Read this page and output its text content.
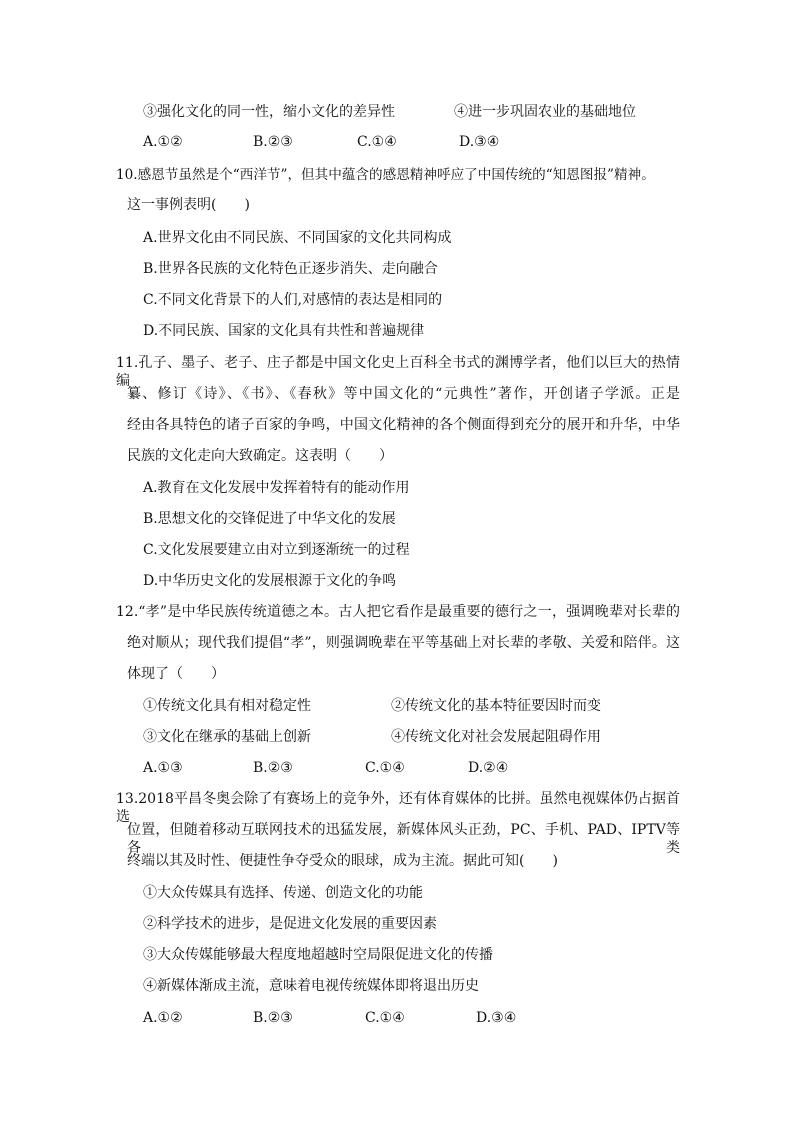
③强化文化的同一性，缩小文化的差异性	④进一步巩固农业的基础地位
A.①②	B.②③	C.①④	D.③④
10.感恩节虽然是个“西洋节”，但其中蕴含的感恩精神呼应了中国传统的“知恩图报”精神。
这一事例表明(　　)
A.世界文化由不同民族、不同国家的文化共同构成
B.世界各民族的文化特色正逐步消失、走向融合
C.不同文化背景下的人们,对感情的表达是相同的
D.不同民族、国家的文化具有共性和普遍规律
11.孔子、墨子、老子、庄子都是中国文化史上百科全书式的渊博学者，他们以巨大的热情编
纂、修订《诗》、《书》、《春秋》等中国文化的“元典性”著作，开创诸子学派。正是
经由各具特色的诸子百家的争鸣，中国文化精神的各个侧面得到充分的展开和升华，中华
民族的文化走向大致确定。这表明（　　）
A.教育在文化发展中发挥着特有的能动作用
B.思想文化的交锋促进了中华文化的发展
C.文化发展要建立由对立到逐渐统一的过程
D.中华历史文化的发展根源于文化的争鸣
12.“孝”是中华民族传统道德之本。古人把它看作是最重要的德行之一，强调晚辈对长辈的
绝对顺从；现代我们提倡“孝”，则强调晚辈在平等基础上对长辈的孝敬、关爱和陪伴。这
体现了（　　）
①传统文化具有相对稳定性	②传统文化的基本特征要因时而变
③文化在继承的基础上创新	④传统文化对社会发展起阻碍作用
A.①③	B.②③	C.①④	D.②④
13.2018平昌冬奥会除了有赛场上的竞争外，还有体育媒体的比拼。虽然电视媒体仍占据首选
位置，但随着移动互联网技术的迅猛发展，新媒体风头正劲，PC、手机、PAD、IPTV等各类
终端以其及时性、便捷性争夺受众的眼球，成为主流。据此可知(　　)
①大众传媒具有选择、传递、创造文化的功能
②科学技术的进步，是促进文化发展的重要因素
③大众传媒能够最大程度地超越时空局限促进文化的传播
④新媒体渐成主流，意味着电视传统媒体即将退出历史
A.①②	B.②③	C.①④	D.③④
